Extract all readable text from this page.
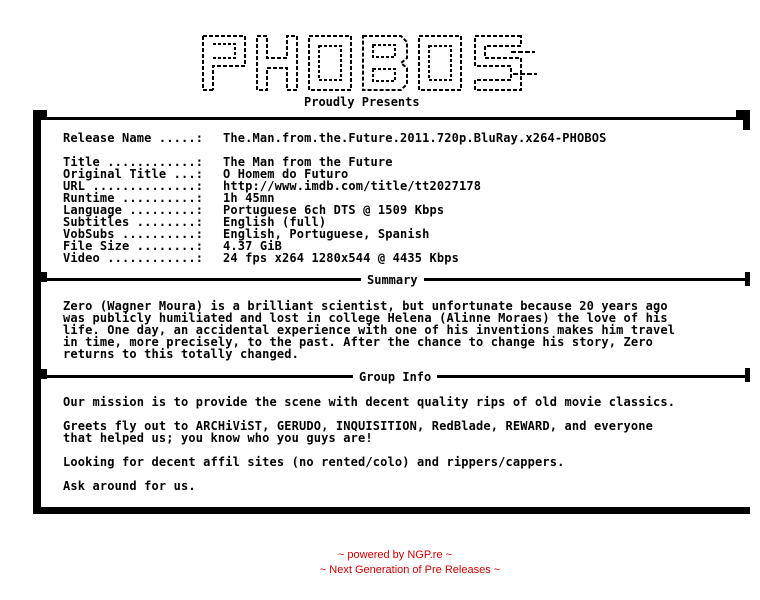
PHOBOS
Proudly Presents
Summary
Group Info
Release Name .....: The.Man.from.the.Future.2011.720p.BluRay.x264-PHOBOS
Title ............: The Man from the Future
Original Title ...: O Homem do Futuro
URL ..............: http://www.imdb.com/title/tt2027178
Runtime ..........: 1h 45mn
Language .........: Portuguese 6ch DTS @ 1509 Kbps
Subtitles ........: English (full)
VobSubs ..........: English, Portuguese, Spanish
File Size ........: 4.37 GiB
Video ............: 24 fps x264 1280x544 @ 4435 Kbps
Zero (Wagner Moura) is a brilliant scientist, but unfortunate because 20 years ago
was publicly humiliated and lost in college Helena (Alinne Moraes) the love of his
life. One day, an accidental experience with one of his inventions makes him travel
in time, more precisely, to the past. After the chance to change his story, Zero
returns to this totally changed.
Our mission is to provide the scene with decent quality rips of old movie classics.
Greets fly out to ARCHiViST, GERUDO, INQUISITION, RedBlade, REWARD, and everyone
that helped us; you know who you guys are!
Looking for decent affil sites (no rented/colo) and rippers/cappers.
Ask around for us.
~ powered by NGP.re ~
~ Next Generation of Pre Releases ~
